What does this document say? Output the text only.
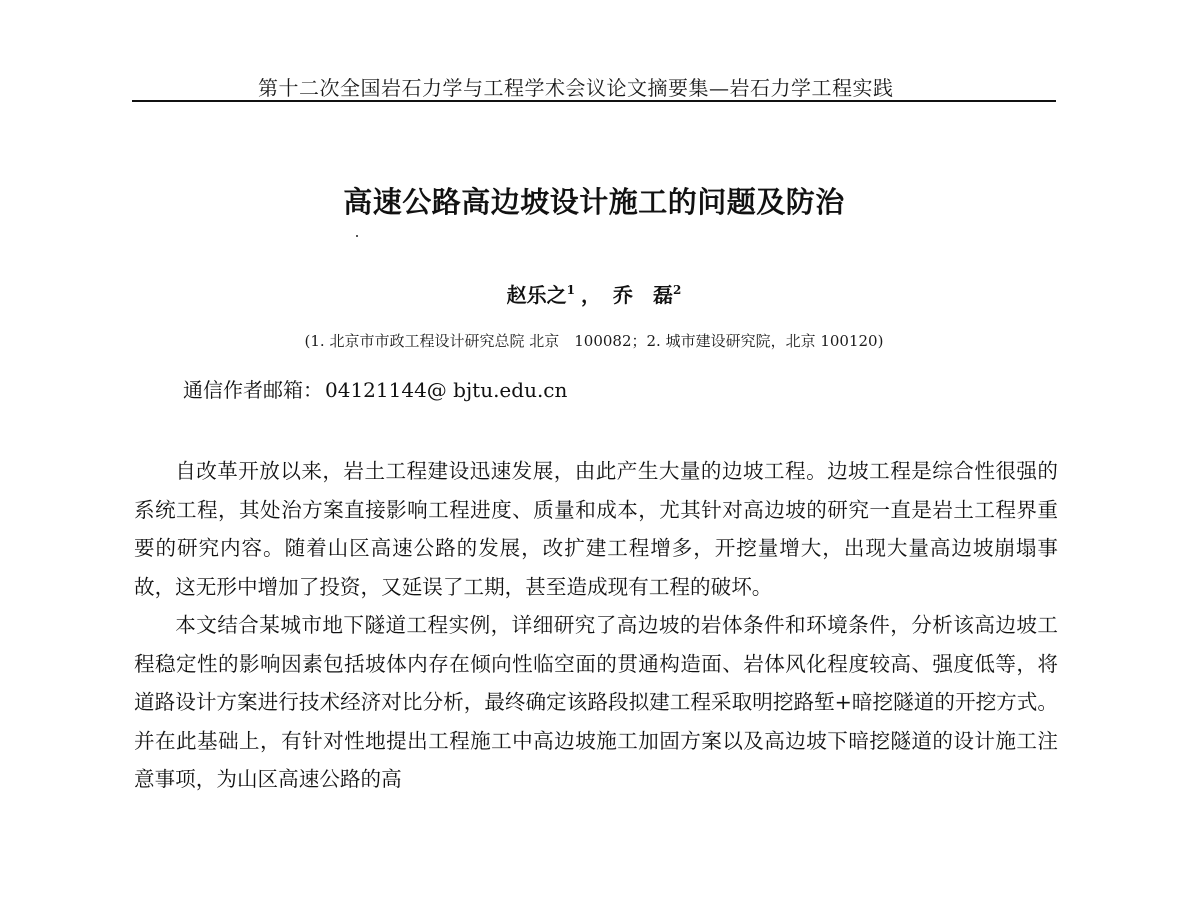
第十二次全国岩石力学与工程学术会议论文摘要集—岩石力学工程实践
高速公路高边坡设计施工的问题及防治
赵乐之$^1$ ， 乔　磊$^2$
(1. 北京市市政工程设计研究总院 北京　100082；2. 城市建设研究院，北京 100120)
通信作者邮箱： 04121144@ bjtu.edu.cn

自改革开放以来，岩土工程建设迅速发展，由此产生大量的边坡工程。边坡工程是综合性很强的系统工程，其处治方案直接影响工程进度、质量和成本，尤其针对高边坡的研究一直是岩土工程界重要的研究内容。随着山区高速公路的发展，改扩建工程增多，开挖量增大，出现大量高边坡崩塌事故，这无形中增加了投资，又延误了工期，甚至造成现有工程的破坏。

本文结合某城市地下隧道工程实例，详细研究了高边坡的岩体条件和环境条件，分析该高边坡工程稳定性的影响因素包括坡体内存在倾向性临空面的贯通构造面、岩体风化程度较高、强度低等，将道路设计方案进行技术经济对比分析，最终确定该路段拟建工程采取明挖路堑+暗挖隧道的开挖方式。并在此基础上，有针对性地提出工程施工中高边坡施工加固方案以及高边坡下暗挖隧道的设计施工注意事项，为山区高速公路的高
